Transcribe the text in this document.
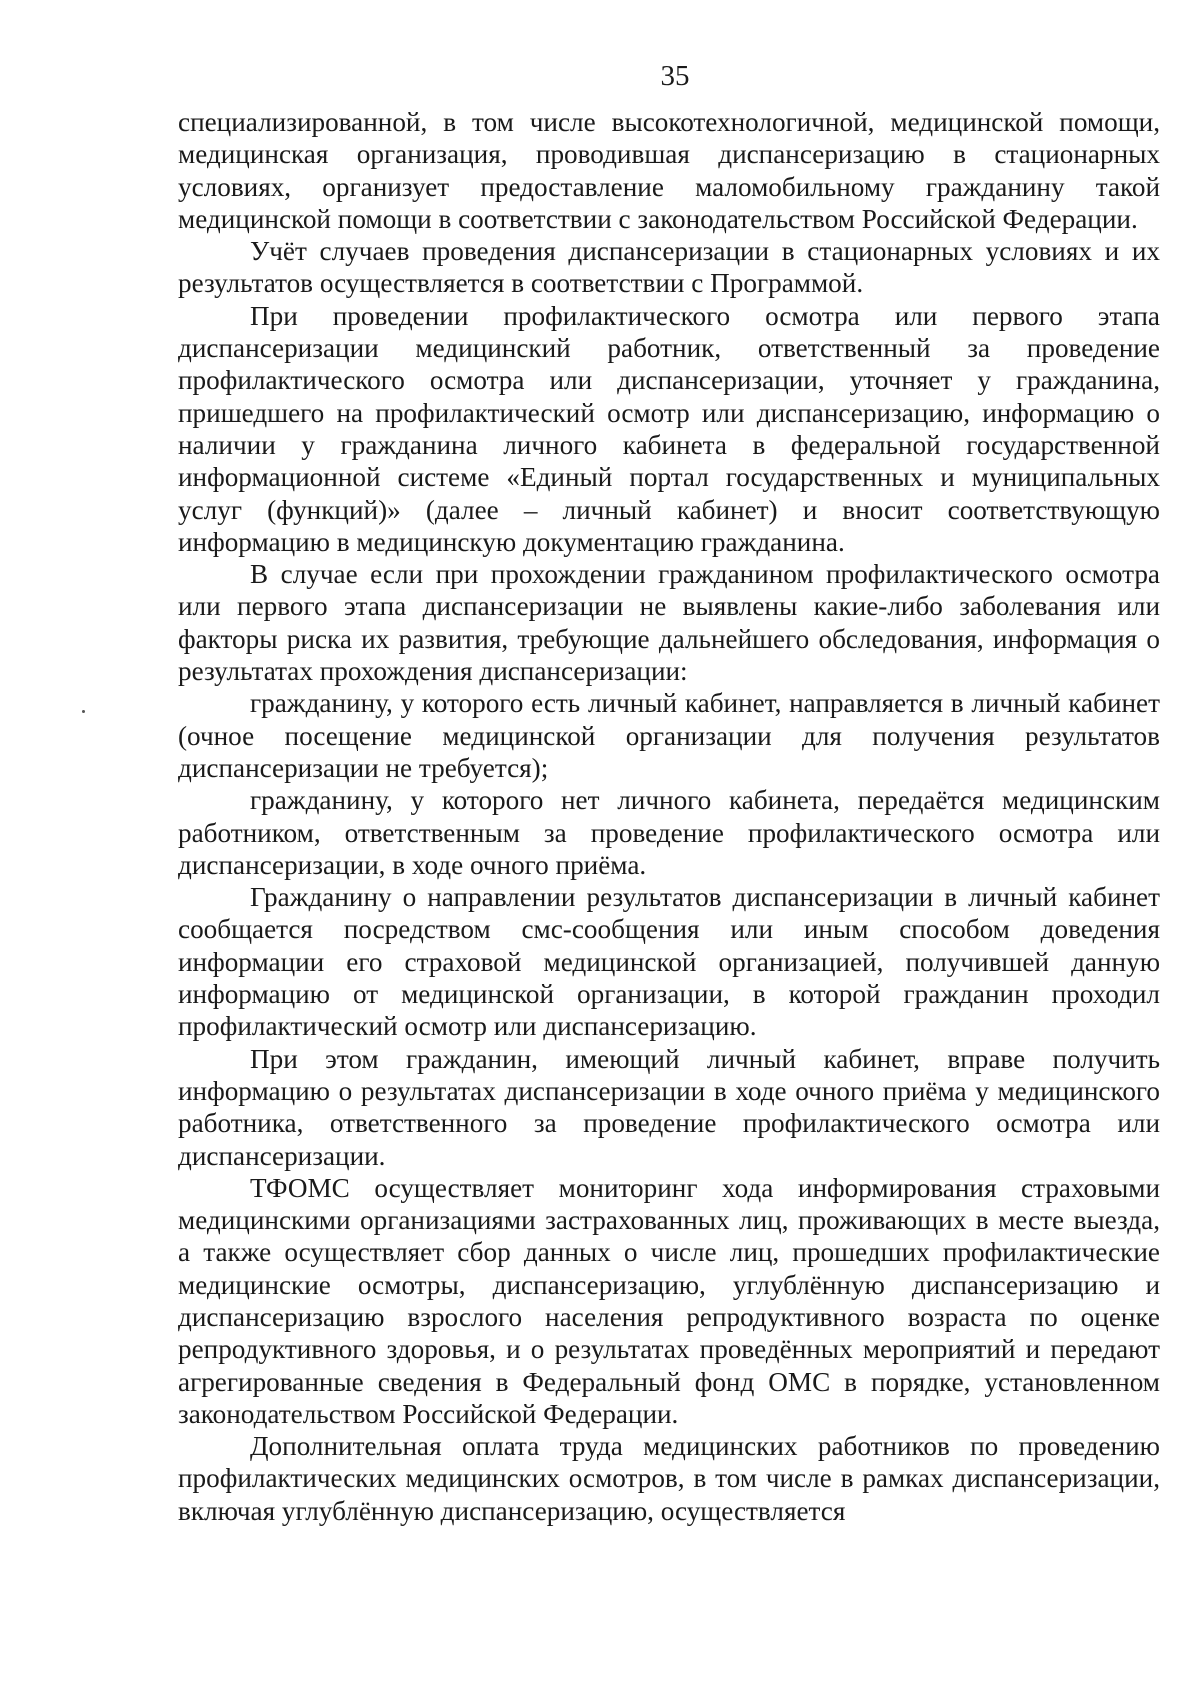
35

специализированной, в том числе высокотехнологичной, медицинской помощи, медицинская организация, проводившая диспансеризацию в стационарных условиях, организует предоставление маломобильному гражданину такой медицинской помощи в соответствии с законодательством Российской Федерации.

Учёт случаев проведения диспансеризации в стационарных условиях и их результатов осуществляется в соответствии с Программой.

При проведении профилактического осмотра или первого этапа диспансеризации медицинский работник, ответственный за проведение профилактического осмотра или диспансеризации, уточняет у гражданина, пришедшего на профилактический осмотр или диспансеризацию, информацию о наличии у гражданина личного кабинета в федеральной государственной информационной системе «Единый портал государственных и муниципальных услуг (функций)» (далее – личный кабинет) и вносит соответствующую информацию в медицинскую документацию гражданина.

В случае если при прохождении гражданином профилактического осмотра или первого этапа диспансеризации не выявлены какие-либо заболевания или факторы риска их развития, требующие дальнейшего обследования, информация о результатах прохождения диспансеризации:

гражданину, у которого есть личный кабинет, направляется в личный кабинет (очное посещение медицинской организации для получения результатов диспансеризации не требуется);

гражданину, у которого нет личного кабинета, передаётся медицинским работником, ответственным за проведение профилактического осмотра или диспансеризации, в ходе очного приёма.

Гражданину о направлении результатов диспансеризации в личный кабинет сообщается посредством смс-сообщения или иным способом доведения информации его страховой медицинской организацией, получившей данную информацию от медицинской организации, в которой гражданин проходил профилактический осмотр или диспансеризацию.

При этом гражданин, имеющий личный кабинет, вправе получить информацию о результатах диспансеризации в ходе очного приёма у медицинского работника, ответственного за проведение профилактического осмотра или диспансеризации.

ТФОМС осуществляет мониторинг хода информирования страховыми медицинскими организациями застрахованных лиц, проживающих в месте выезда, а также осуществляет сбор данных о числе лиц, прошедших профилактические медицинские осмотры, диспансеризацию, углублённую диспансеризацию и диспансеризацию взрослого населения репродуктивного возраста по оценке репродуктивного здоровья, и о результатах проведённых мероприятий и передают агрегированные сведения в Федеральный фонд ОМС в порядке, установленном законодательством Российской Федерации.

Дополнительная оплата труда медицинских работников по проведению профилактических медицинских осмотров, в том числе в рамках диспансеризации, включая углублённую диспансеризацию, осуществляется
